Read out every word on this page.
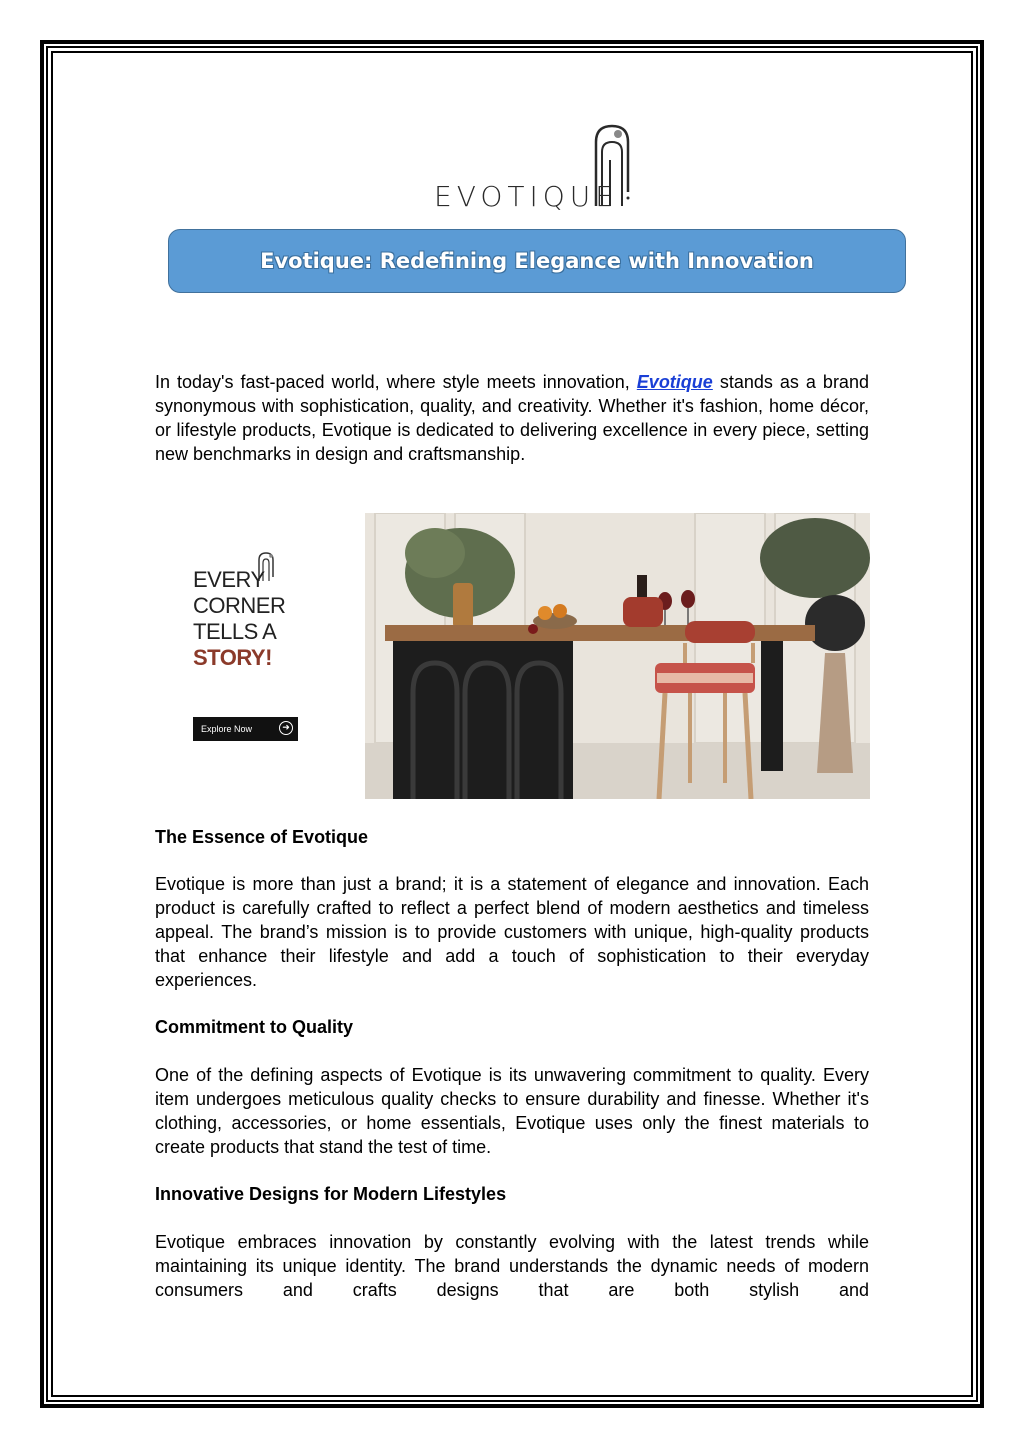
EVOTIQUE
Evotique: Redefining Elegance with Innovation

In today's fast-paced world, where style meets innovation, Evotique stands as a brand synonymous with sophistication, quality, and creativity. Whether it's fashion, home décor, or lifestyle products, Evotique is dedicated to delivering excellence in every piece, setting new benchmarks in design and craftsmanship.

EVERY
CORNER
TELLS A
STORY!
Explore Now	➜

The Essence of Evotique

Evotique is more than just a brand; it is a statement of elegance and innovation. Each product is carefully crafted to reflect a perfect blend of modern aesthetics and timeless appeal. The brand’s mission is to provide customers with unique, high-quality products that enhance their lifestyle and add a touch of sophistication to their everyday experiences.

Commitment to Quality

One of the defining aspects of Evotique is its unwavering commitment to quality. Every item undergoes meticulous quality checks to ensure durability and finesse. Whether it's clothing, accessories, or home essentials, Evotique uses only the finest materials to create products that stand the test of time.

Innovative Designs for Modern Lifestyles

Evotique embraces innovation by constantly evolving with the latest trends while maintaining its unique identity. The brand understands the dynamic needs of modern consumers and crafts designs that are both stylish and
